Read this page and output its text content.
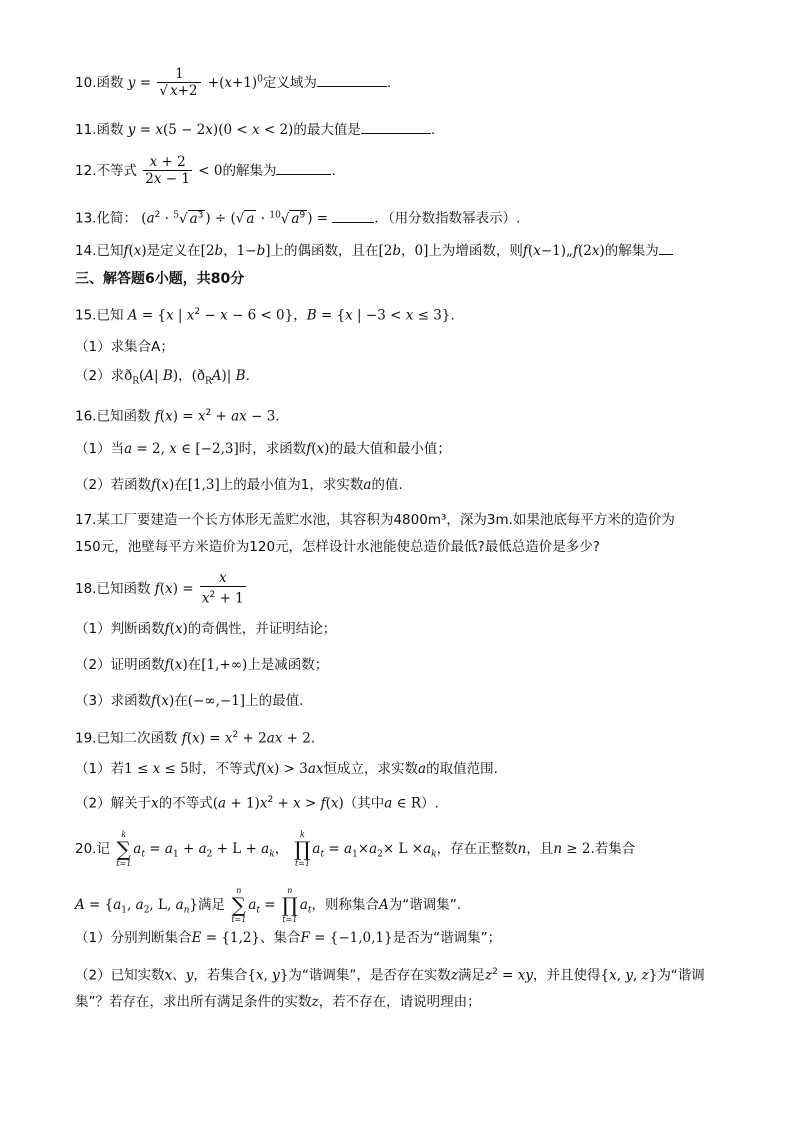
10.函数 $y = \frac{1}{√ x+2} +(x+1)^0$定义域为	.
11.函数 y = x(5 − 2x)(0 < x < 2)的最大值是	.
12.不等式 $\frac{x + 2}{2x - 1} < 0$的解集为	.
13.化简： ($a^2 \cdot ^5√$ $a^3$ ) ÷ (√ a · $^{10}$√ $a^9$ ) =	．（用分数指数幂表示）.
14.已知f(x)是定义在[2b，1−b]上的偶函数，且在[2b，0]上为增函数，则f(x−1)„f(2x)的解集为
三、解答题6小题，共80分
15.已知 A = {x | $x^2 - x - 6 < 0$}，B = {x | −3 < x ≤ 3}.
（1）求集合A；
（2）求$ð_R(A|$ B)，$(ð_RA)|$ B.
16.已知函数 $f(x) = x^2$ + ax − 3.
（1）当a = 2, x ∈ [−2,3]时，求函数f(x)的最大值和最小值；
（2）若函数f(x)在[1,3]上的最小值为1，求实数a的值.
17.某工厂要建造一个长方体形无盖贮水池，其容积为4800m³，深为3m.如果池底每平方米的造价为
150元，池壁每平方米造价为120元，怎样设计水池能使总造价最低?最低总造价是多少?
18.已知函数 $f(x) = \frac{x}{x^2 + 1}$
（1）判断函数f(x)的奇偶性，并证明结论；
（2）证明函数f(x)在[1,+∞)上是减函数；
（3）求函数f(x)在(−∞,−1]上的最值.
19.已知二次函数 $f(x) = x^2 + 2ax + 2$.
（1）若1 ≤ x ≤ 5时，不等式f(x) > 3ax恒成立，求实数a的取值范围.
（2）解关于x的不等式$(a + 1)x^2 + x > f(x)$（其中a ∈ R）.
20.记
k
∑
t=1
$a_t = a_1 + a_2 + L + a_k$，
k
∏
t=1
$a_t = a_1\times a_2\times L \times a_k$，存在正整数n，且n ≥ 2.若集合
$A = \{a_1$, $a_2$, L, $a_n$}满足
n
∑
t=1
$a_t$ =
n
∏
t=1
$a_t$，则称集合A为“谐调集”.
（1）分别判断集合E = {1,2}、集合F = {−1,0,1}是否为“谐调集”；
（2）已知实数x、y，若集合{x, y}为“谐调集”，是否存在实数z满足$z^2$ = xy，并且使得{x, y, z}为“谐调
集”？若存在，求出所有满足条件的实数z，若不存在，请说明理由；
